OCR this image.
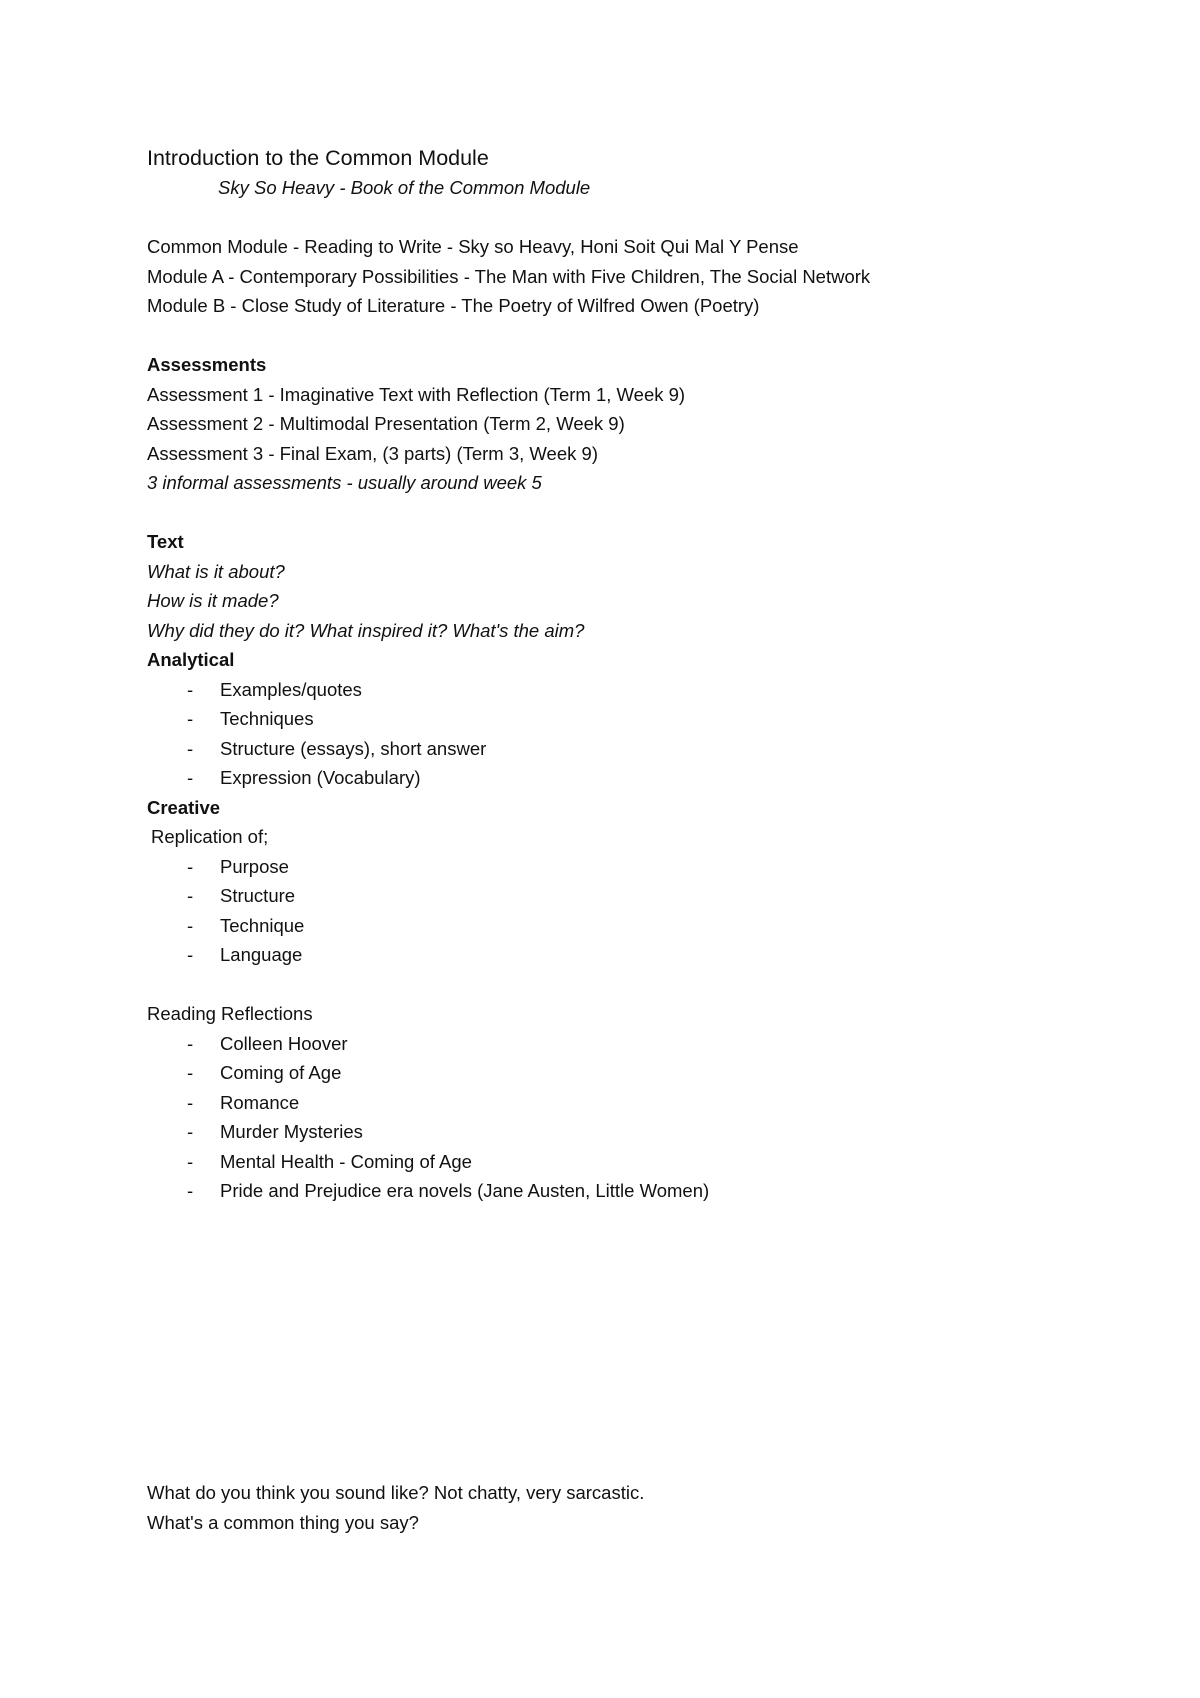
Introduction to the Common Module

Sky So Heavy - Book of the Common Module

Common Module - Reading to Write - Sky so Heavy, Honi Soit Qui Mal Y Pense

Module A - Contemporary Possibilities - The Man with Five Children, The Social Network

Module B - Close Study of Literature - The Poetry of Wilfred Owen (Poetry)

Assessments

Assessment 1 - Imaginative Text with Reflection (Term 1, Week 9)

Assessment 2 - Multimodal Presentation (Term 2, Week 9)

Assessment 3 - Final Exam, (3 parts) (Term 3, Week 9)

3 informal assessments - usually around week 5

Text

What is it about?

How is it made?

Why did they do it? What inspired it? What's the aim?

Analytical

- Examples/quotes
- Techniques
- Structure (essays), short answer
- Expression (Vocabulary)

Creative

Replication of;

- Purpose
- Structure
- Technique
- Language

Reading Reflections

- Colleen Hoover
- Coming of Age
- Romance
- Murder Mysteries
- Mental Health - Coming of Age
- Pride and Prejudice era novels (Jane Austen, Little Women)

What do you think you sound like? Not chatty, very sarcastic.

What's a common thing you say?
